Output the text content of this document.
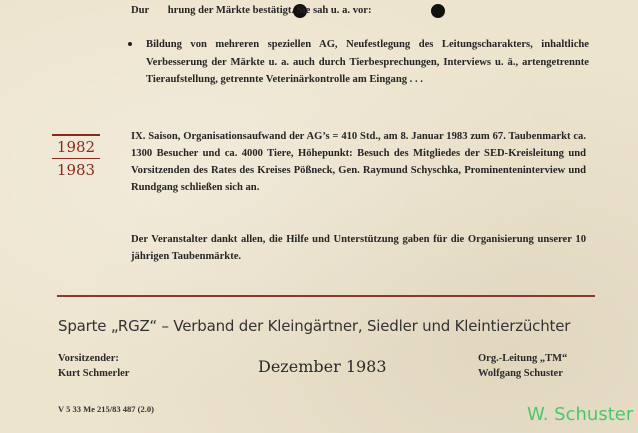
Dur    hrung der Märkte bestätigt. Sie sah u. a. vor:
Bildung von mehreren speziellen AG, Neufestlegung des Leitungscharakters, inhaltliche Verbesserung der Märkte u. a. auch durch Tierbesprechungen, Interviews u. ä., artengetrennte Tieraufstellung, getrennte Veterinärkontrolle am Eingang . . .
1982
1983
IX. Saison, Organisationsaufwand der AG’s = 410 Std., am 8. Januar 1983 zum 67. Taubenmarkt ca. 1300 Besucher und ca. 4000 Tiere, Höhepunkt: Besuch des Mitgliedes der SED-Kreisleitung und Vorsitzenden des Rates des Kreises Pößneck, Gen. Raymund Schyschka, Prominenteninterview und Rundgang schließen sich an.
Der Veranstalter dankt allen, die Hilfe und Unterstützung gaben für die Organisierung unserer 10 jährigen Taubenmärkte.
Sparte „RGZ“ – Verband der Kleingärtner, Siedler und Kleintierzüchter
Vorsitzender:
Kurt Schmerler	Dezember 1983	Org.-Leitung „TM“
Wolfgang Schuster
V 5 33 Me 215/83 487 (2.0)	W. Schuster
